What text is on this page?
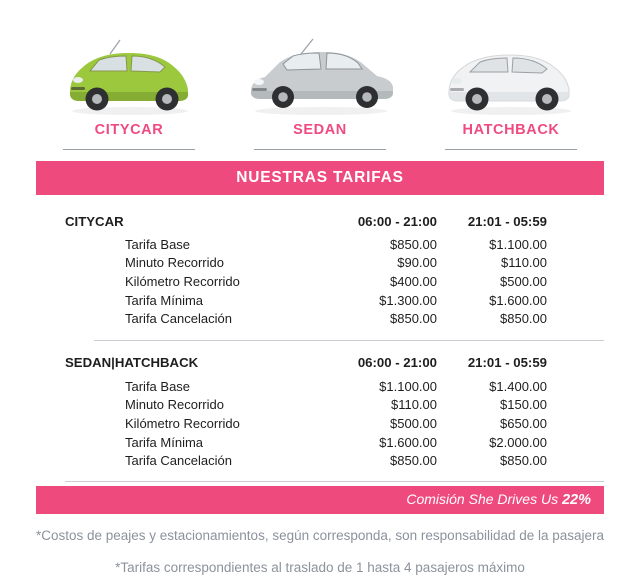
CITYCAR	SEDAN	HATCHBACK
NUESTRAS TARIFAS
CITYCAR	06:00 - 21:00	21:01 - 05:59
Tarifa Base	$850.00	$1.100.00
Minuto Recorrido	$90.00	$110.00
Kilómetro Recorrido	$400.00	$500.00
Tarifa Mínima	$1.300.00	$1.600.00
Tarifa Cancelación	$850.00	$850.00
SEDAN|HATCHBACK	06:00 - 21:00	21:01 - 05:59
Tarifa Base	$1.100.00	$1.400.00
Minuto Recorrido	$110.00	$150.00
Kilómetro Recorrido	$500.00	$650.00
Tarifa Mínima	$1.600.00	$2.000.00
Tarifa Cancelación	$850.00	$850.00
Comisión She Drives Us 22%
*Costos de peajes y estacionamientos, según corresponda, son responsabilidad de la pasajera
*Tarifas correspondientes al traslado de 1 hasta 4 pasajeros máximo
